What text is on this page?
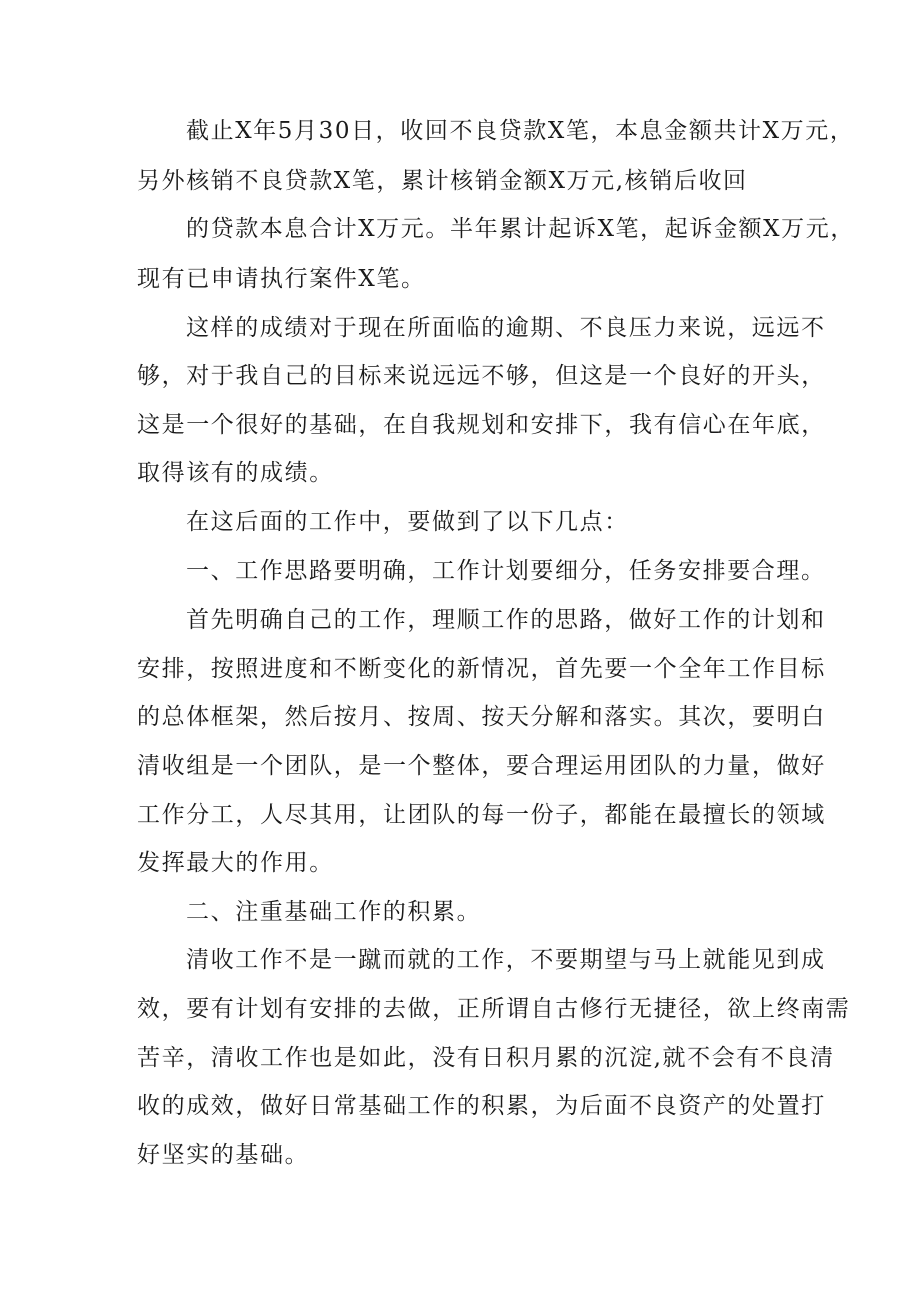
截止X年5月30日，收回不良贷款X笔，本息金额共计X万元，
另外核销不良贷款X笔，累计核销金额X万元,核销后收回
的贷款本息合计X万元。半年累计起诉X笔，起诉金额X万元，
现有已申请执行案件X笔。
这样的成绩对于现在所面临的逾期、不良压力来说，远远不
够，对于我自己的目标来说远远不够，但这是一个良好的开头，
这是一个很好的基础，在自我规划和安排下，我有信心在年底，
取得该有的成绩。
在这后面的工作中，要做到了以下几点：
一、工作思路要明确，工作计划要细分，任务安排要合理。
首先明确自己的工作，理顺工作的思路，做好工作的计划和
安排，按照进度和不断变化的新情况，首先要一个全年工作目标
的总体框架，然后按月、按周、按天分解和落实。其次，要明白
清收组是一个团队，是一个整体，要合理运用团队的力量，做好
工作分工，人尽其用，让团队的每一份子，都能在最擅长的领域
发挥最大的作用。
二、注重基础工作的积累。
清收工作不是一蹴而就的工作，不要期望与马上就能见到成
效，要有计划有安排的去做，正所谓自古修行无捷径，欲上终南需
苦辛，清收工作也是如此，没有日积月累的沉淀,就不会有不良清
收的成效，做好日常基础工作的积累，为后面不良资产的处置打
好坚实的基础。
